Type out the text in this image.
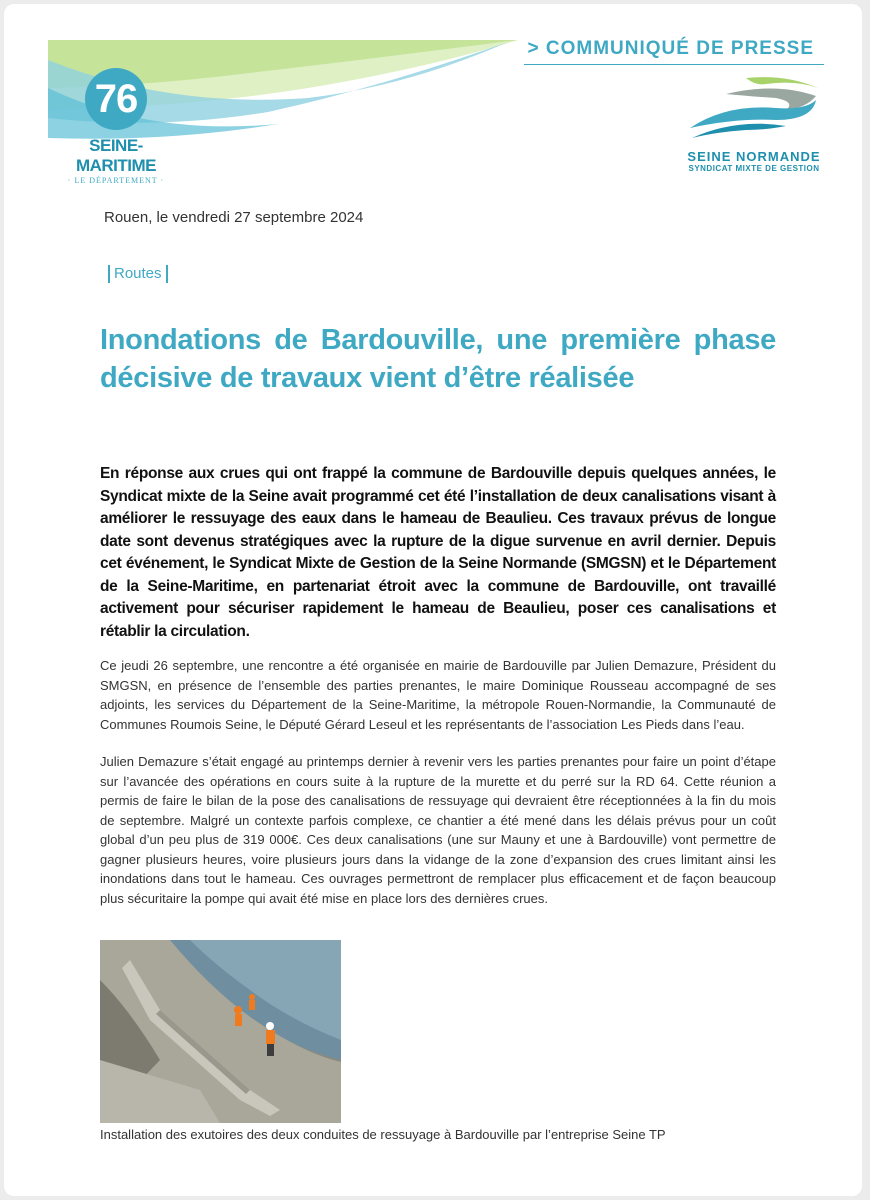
76
SEINE-MARITIME
· LE DÉPARTEMENT ·
> COMMUNIQUÉ DE PRESSE
SEINE NORMANDE
SYNDICAT MIXTE DE GESTION
Rouen, le vendredi 27 septembre 2024
Routes
Inondations de Bardouville, une première phase décisive de travaux vient d’être réalisée

En réponse aux crues qui ont frappé la commune de Bardouville depuis quelques années, le Syndicat mixte de la Seine avait programmé cet été l’installation de deux canalisations visant à améliorer le ressuyage des eaux dans le hameau de Beaulieu. Ces travaux prévus de longue date sont devenus stratégiques avec la rupture de la digue survenue en avril dernier. Depuis cet événement, le Syndicat Mixte de Gestion de la Seine Normande (SMGSN) et le Département de la Seine-Maritime, en partenariat étroit avec la commune de Bardouville, ont travaillé activement pour sécuriser rapidement le hameau de Beaulieu, poser ces canalisations et rétablir la circulation.

Ce jeudi 26 septembre, une rencontre a été organisée en mairie de Bardouville par Julien Demazure, Président du SMGSN, en présence de l’ensemble des parties prenantes, le maire Dominique Rousseau accompagné de ses adjoints, les services du Département de la Seine-Maritime, la métropole Rouen-Normandie, la Communauté de Communes Roumois Seine, le Député Gérard Leseul et les représentants de l’association Les Pieds dans l’eau.

Julien Demazure s’était engagé au printemps dernier à revenir vers les parties prenantes pour faire un point d’étape sur l’avancée des opérations en cours suite à la rupture de la murette et du perré sur la RD 64. Cette réunion a permis de faire le bilan de la pose des canalisations de ressuyage qui devraient être réceptionnées à la fin du mois de septembre. Malgré un contexte parfois complexe, ce chantier a été mené dans les délais prévus pour un coût global d’un peu plus de 319 000€. Ces deux canalisations (une sur Mauny et une à Bardouville) vont permettre de gagner plusieurs heures, voire plusieurs jours dans la vidange de la zone d’expansion des crues limitant ainsi les inondations dans tout le hameau. Ces ouvrages permettront de remplacer plus efficacement et de façon beaucoup plus sécuritaire la pompe qui avait été mise en place lors des dernières crues.

Installation des exutoires des deux conduites de ressuyage à Bardouville par l’entreprise Seine TP
